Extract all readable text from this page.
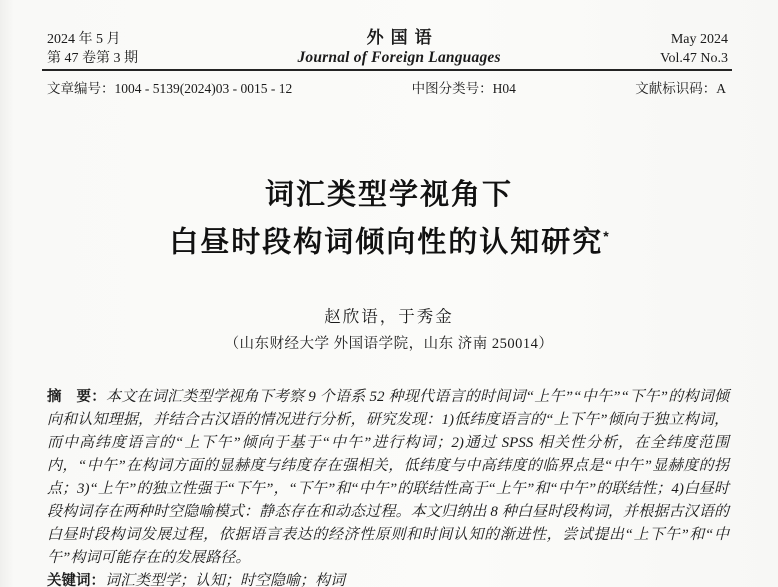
2024 年 5 月
第 47 卷第 3 期
外国语
Journal of Foreign Languages
May 2024
Vol.47 No.3
文章编号：1004 - 5139(2024)03 - 0015 - 12	中图分类号：H04	文献标识码：A
词汇类型学视角下
白昼时段构词倾向性的认知研究*

赵欣语，于秀金

（山东财经大学 外国语学院，山东 济南 250014）

摘　要：本文在词汇类型学视角下考察 9 个语系 52 种现代语言的时间词“上午”“中午”“下午”的构词倾向和认知理据，并结合古汉语的情况进行分析，研究发现：1)低纬度语言的“上下午”倾向于独立构词，而中高纬度语言的“上下午”倾向于基于“中午”进行构词；2)通过 SPSS 相关性分析，在全纬度范围内，“中午”在构词方面的显赫度与纬度存在强相关，低纬度与中高纬度的临界点是“中午”显赫度的拐点；3)“上午”的独立性强于“下午”，“下午”和“中午”的联结性高于“上午”和“中午”的联结性；4)白昼时段构词存在两种时空隐喻模式：静态存在和动态过程。本文归纳出 8 种白昼时段构词，并根据古汉语的白昼时段构词发展过程，依据语言表达的经济性原则和时间认知的渐进性，尝试提出“上下午”和“中午”构词可能存在的发展路径。

关键词：词汇类型学；认知；时空隐喻；构词
